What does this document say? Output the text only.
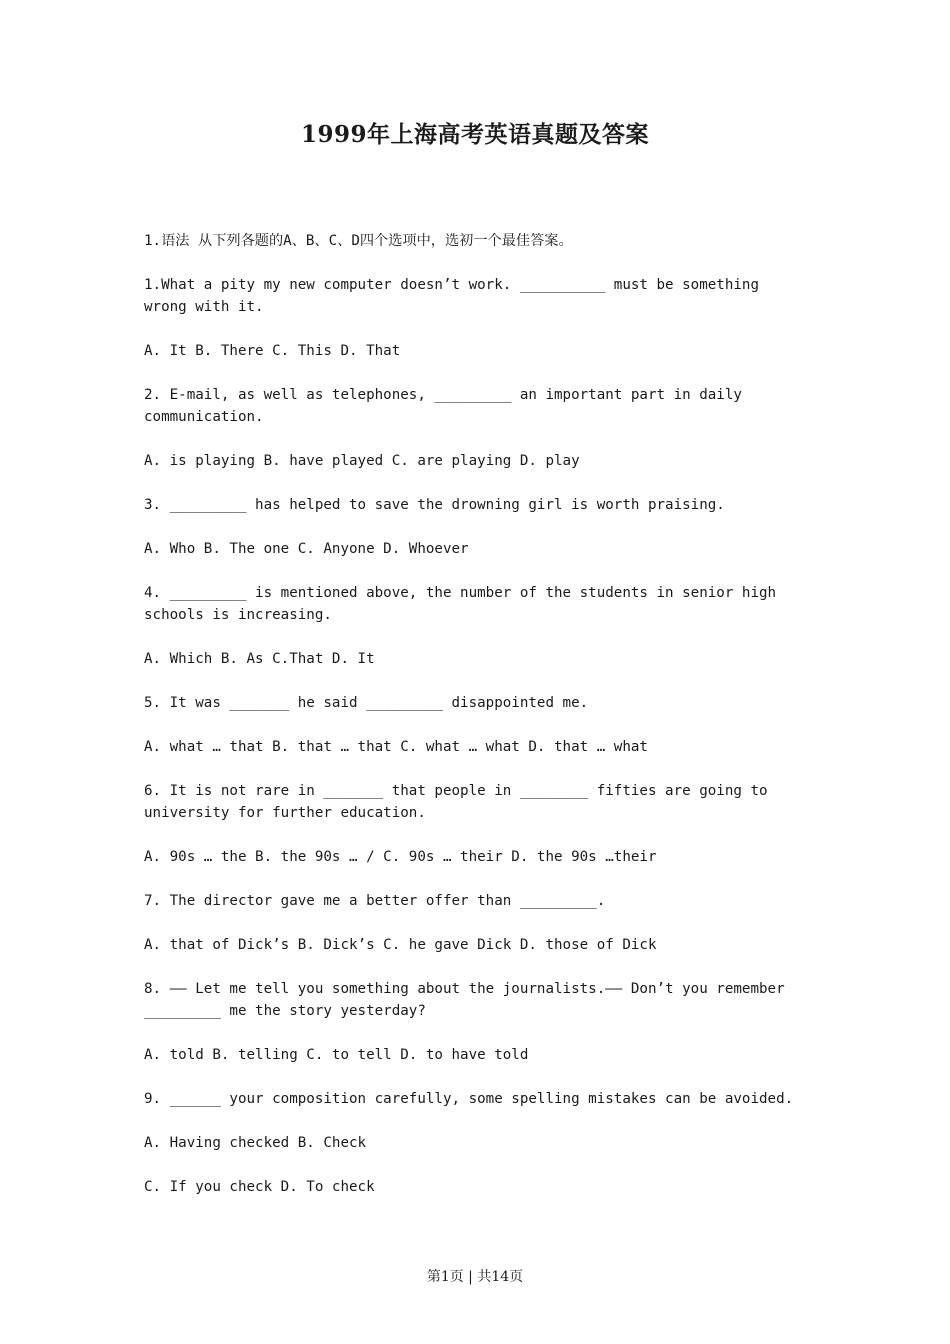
1999年上海高考英语真题及答案

1.语法 从下列各题的A、B、C、D四个选项中，选初一个最佳答案。

1.What a pity my new computer doesn’t work. __________ must be something wrong with it.

A. It B. There C. This D. That

2. E-mail, as well as telephones, _________ an important part in daily communication.

A. is playing B. have played C. are playing D. play

3. _________ has helped to save the drowning girl is worth praising.

A. Who B. The one C. Anyone D. Whoever

4. _________ is mentioned above, the number of the students in senior high schools is increasing.

A. Which B. As C.That D. It

5. It was _______ he said _________ disappointed me.

A. what … that B. that … that C. what … what D. that … what

6. It is not rare in _______ that people in ________ fifties are going to university for further education.

A. 90s … the B. the 90s … / C. 90s … their D. the 90s …their

7. The director gave me a better offer than _________.

A. that of Dick’s B. Dick’s C. he gave Dick D. those of Dick

8. —— Let me tell you something about the journalists.—— Don’t you remember _________ me the story yesterday?

A. told B. telling C. to tell D. to have told

9. ______ your composition carefully, some spelling mistakes can be avoided.

A. Having checked B. Check

C. If you check D. To check

第1页 | 共14页
